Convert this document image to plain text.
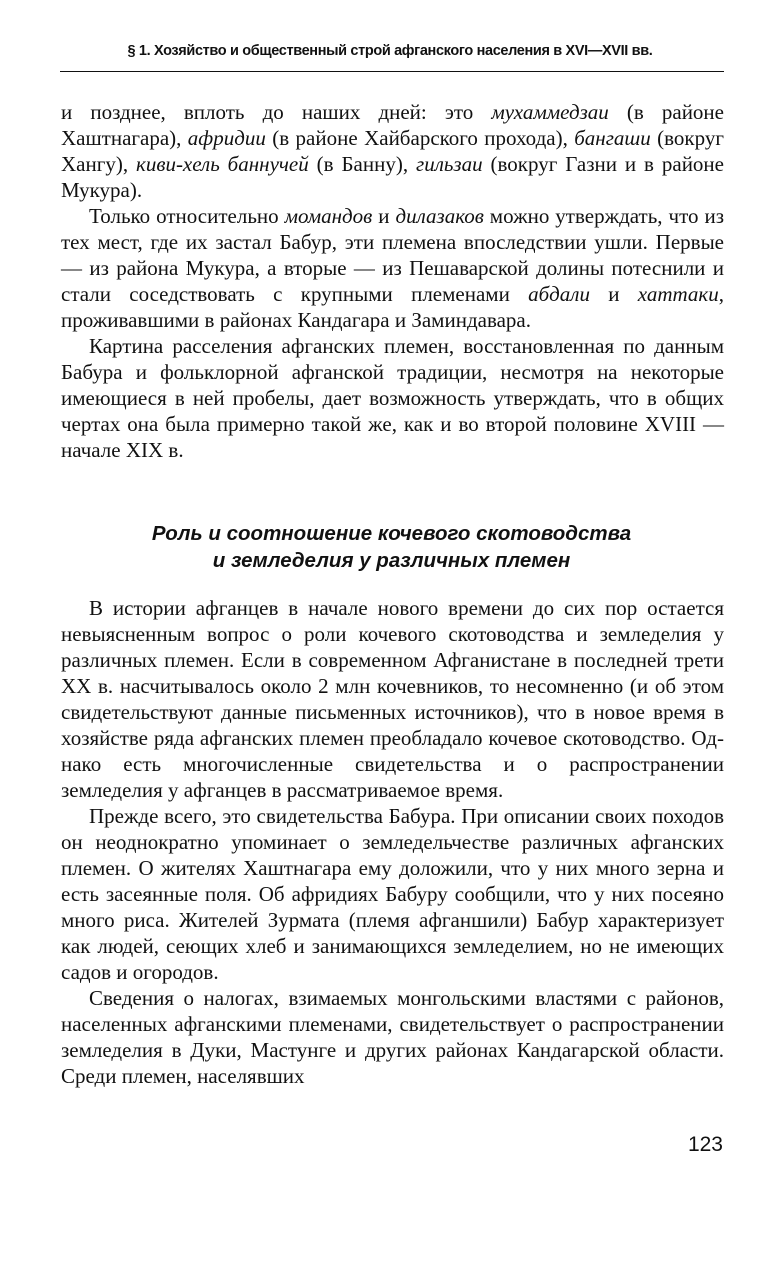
§ 1. Хозяйство и общественный строй афганского населения в XVI—XVII вв.

и позднее, вплоть до наших дней: это мухаммедзаи (в районе Хаштнагара), афридии (в районе Хайбарского прохода), бангаши (вокруг Хангу), киви-хель баннучей (в Банну), гильзаи (вокруг Газни и в районе Мукура).

Только относительно момандов и дилазаков можно утверждать, что из тех мест, где их застал Бабур, эти племена впоследствии ушли. Первые — из района Мукура, а вторые — из Пешаварской долины потеснили и стали соседствовать с крупными племенами абдали и хаттаки, проживавшими в районах Кандагара и Заминдавара.

Картина расселения афганских племен, восстановленная по данным Бабура и фольклорной афганской традиции, несмотря на некоторые имеющиеся в ней пробелы, дает возможность утверждать, что в общих чертах она была примерно такой же, как и во второй половине XVIII — начале XIX в.

Роль и соотношение кочевого скотоводства
и земледелия у различных племен

В истории афганцев в начале нового времени до сих пор остается невыясненным вопрос о роли кочевого скотоводства и земледелия у различных племен. Если в современном Афганистане в последней трети XX в. насчитывалось около 2 млн кочевников, то несомненно (и об этом свидетельствуют данные письменных источников), что в новое время в хозяйстве ряда афганских племен преобладало кочевое скотоводство. Однако есть многочисленные свидетельства и о распространении земледелия у афганцев в рассматриваемое время.

Прежде всего, это свидетельства Бабура. При описании своих походов он неоднократно упоминает о земледельчестве различных афганских племен. О жителях Хаштнагара ему доложили, что у них много зерна и есть засеянные поля. Об афридиях Бабуру сообщили, что у них посеяно много риса. Жителей Зурмата (племя афганшили) Бабур характеризует как людей, сеющих хлеб и занимающихся земледелием, но не имеющих садов и огородов.

Сведения о налогах, взимаемых монгольскими властями с районов, населенных афганскими племенами, свидетельствует о распространении земледелия в Дуки, Мастунге и других районах Кандагарской области. Среди племен, населявших

123
